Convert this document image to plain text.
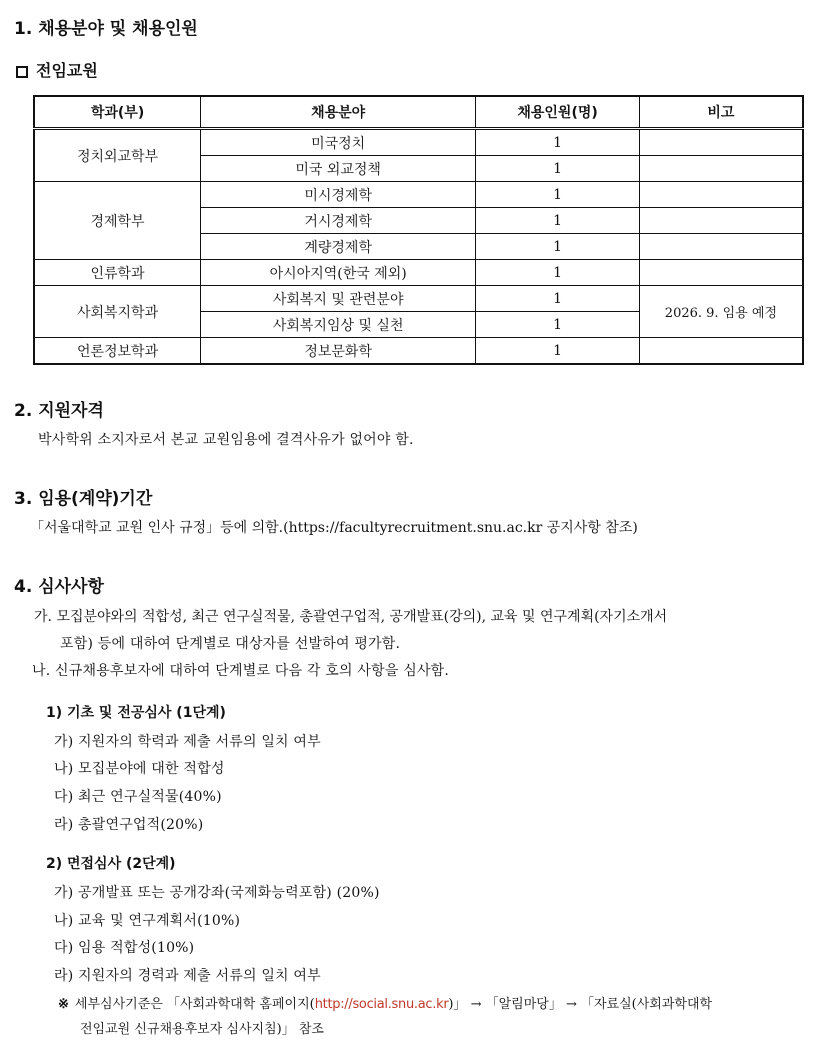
1. 채용분야 및 채용인원
전임교원
학과(부)	채용분야	채용인원(명)	비고
정치외교학부	미국정치	1	
	미국 외교정책	1	
경제학부	미시경제학	1	
	거시경제학	1	
	계량경제학	1	
인류학과	아시아지역(한국 제외)	1	
사회복지학과	사회복지 및 관련분야	1	2026. 9. 임용 예정
	사회복지임상 및 실천	1	
언론정보학과	정보문화학	1	
2. 지원자격
박사학위 소지자로서 본교 교원임용에 결격사유가 없어야 함.
3. 임용(계약)기간
「서울대학교 교원 인사 규정」등에 의함.(https://facultyrecruitment.snu.ac.kr 공지사항 참조)
4. 심사사항
가. 모집분야와의 적합성, 최근 연구실적물, 총괄연구업적, 공개발표(강의), 교육 및 연구계획(자기소개서
포함) 등에 대하여 단계별로 대상자를 선발하여 평가함.
나. 신규채용후보자에 대하여 단계별로 다음 각 호의 사항을 심사함.
1) 기초 및 전공심사 (1단계)
가) 지원자의 학력과 제출 서류의 일치 여부
나) 모집분야에 대한 적합성
다) 최근 연구실적물(40%)
라) 총괄연구업적(20%)
2) 면접심사 (2단계)
가) 공개발표 또는 공개강좌(국제화능력포함) (20%)
나) 교육 및 연구계획서(10%)
다) 임용 적합성(10%)
라) 지원자의 경력과 제출 서류의 일치 여부
※ 세부심사기준은 「사회과학대학 홈페이지(http://social.snu.ac.kr)」 → 「알림마당」 → 「자료실(사회과학대학
전임교원 신규채용후보자 심사지침)」 참조
